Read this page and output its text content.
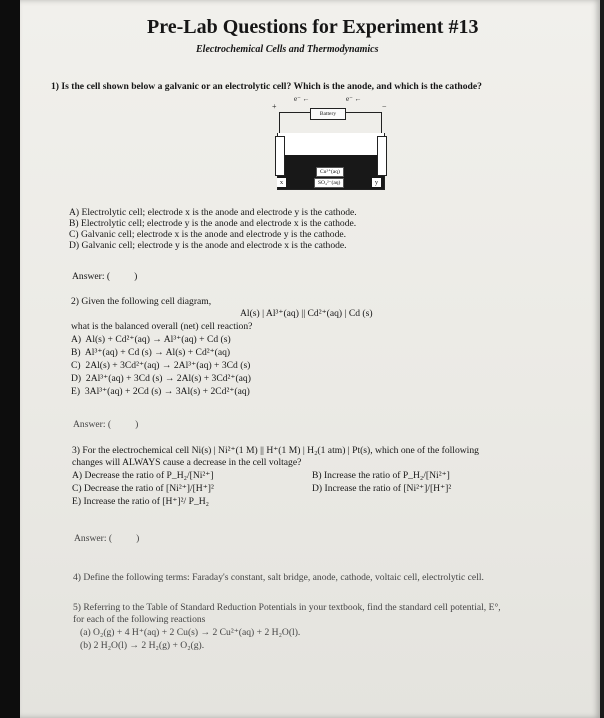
Pre-Lab Questions for Experiment #13
Electrochemical Cells and Thermodynamics
1) Is the cell shown below a galvanic or an electrolytic cell? Which is the anode, and which is the cathode?
Battery
e⁻ ←	e⁻ ←
+	−
Cu²⁺(aq)
SO₄²⁻(aq)
x	y
A) Electrolytic cell; electrode x is the anode and electrode y is the cathode.
B) Electrolytic cell; electrode y is the anode and electrode x is the cathode.
C) Galvanic cell; electrode x is the anode and electrode y is the cathode.
D) Galvanic cell; electrode y is the anode and electrode x is the cathode.
Answer: (          )
2) Given the following cell diagram,
Al(s) | Al³⁺(aq) || Cd²⁺(aq) | Cd (s)
what is the balanced overall (net) cell reaction?
A)  Al(s) + Cd²⁺(aq) → Al³⁺(aq) + Cd (s)
B)  Al³⁺(aq) + Cd (s) → Al(s) + Cd²⁺(aq)
C)  2Al(s) + 3Cd²⁺(aq) → 2Al³⁺(aq) + 3Cd (s)
D)  2Al³⁺(aq) + 3Cd (s) → 2Al(s) + 3Cd²⁺(aq)
E)  3Al³⁺(aq) + 2Cd (s) → 3Al(s) + 2Cd²⁺(aq)
Answer: (          )
3) For the electrochemical cell Ni(s) | Ni²⁺(1 M) || H⁺(1 M) | H₂(1 atm) | Pt(s), which one of the following
changes will ALWAYS cause a decrease in the cell voltage?
A) Decrease the ratio of P_H₂/[Ni²⁺]	B) Increase the ratio of P_H₂/[Ni²⁺]
C) Decrease the ratio of [Ni²⁺]/[H⁺]²	D) Increase the ratio of [Ni²⁺]/[H⁺]²
E) Increase the ratio of [H⁺]²/ P_H₂
Answer: (          )
4) Define the following terms: Faraday's constant, salt bridge, anode, cathode, voltaic cell, electrolytic cell.
5) Referring to the Table of Standard Reduction Potentials in your textbook, find the standard cell potential, E°,
for each of the following reactions
(a) O₂(g) + 4 H⁺(aq) + 2 Cu(s) → 2 Cu²⁺(aq) + 2 H₂O(l).
(b) 2 H₂O(l) → 2 H₂(g) + O₂(g).
